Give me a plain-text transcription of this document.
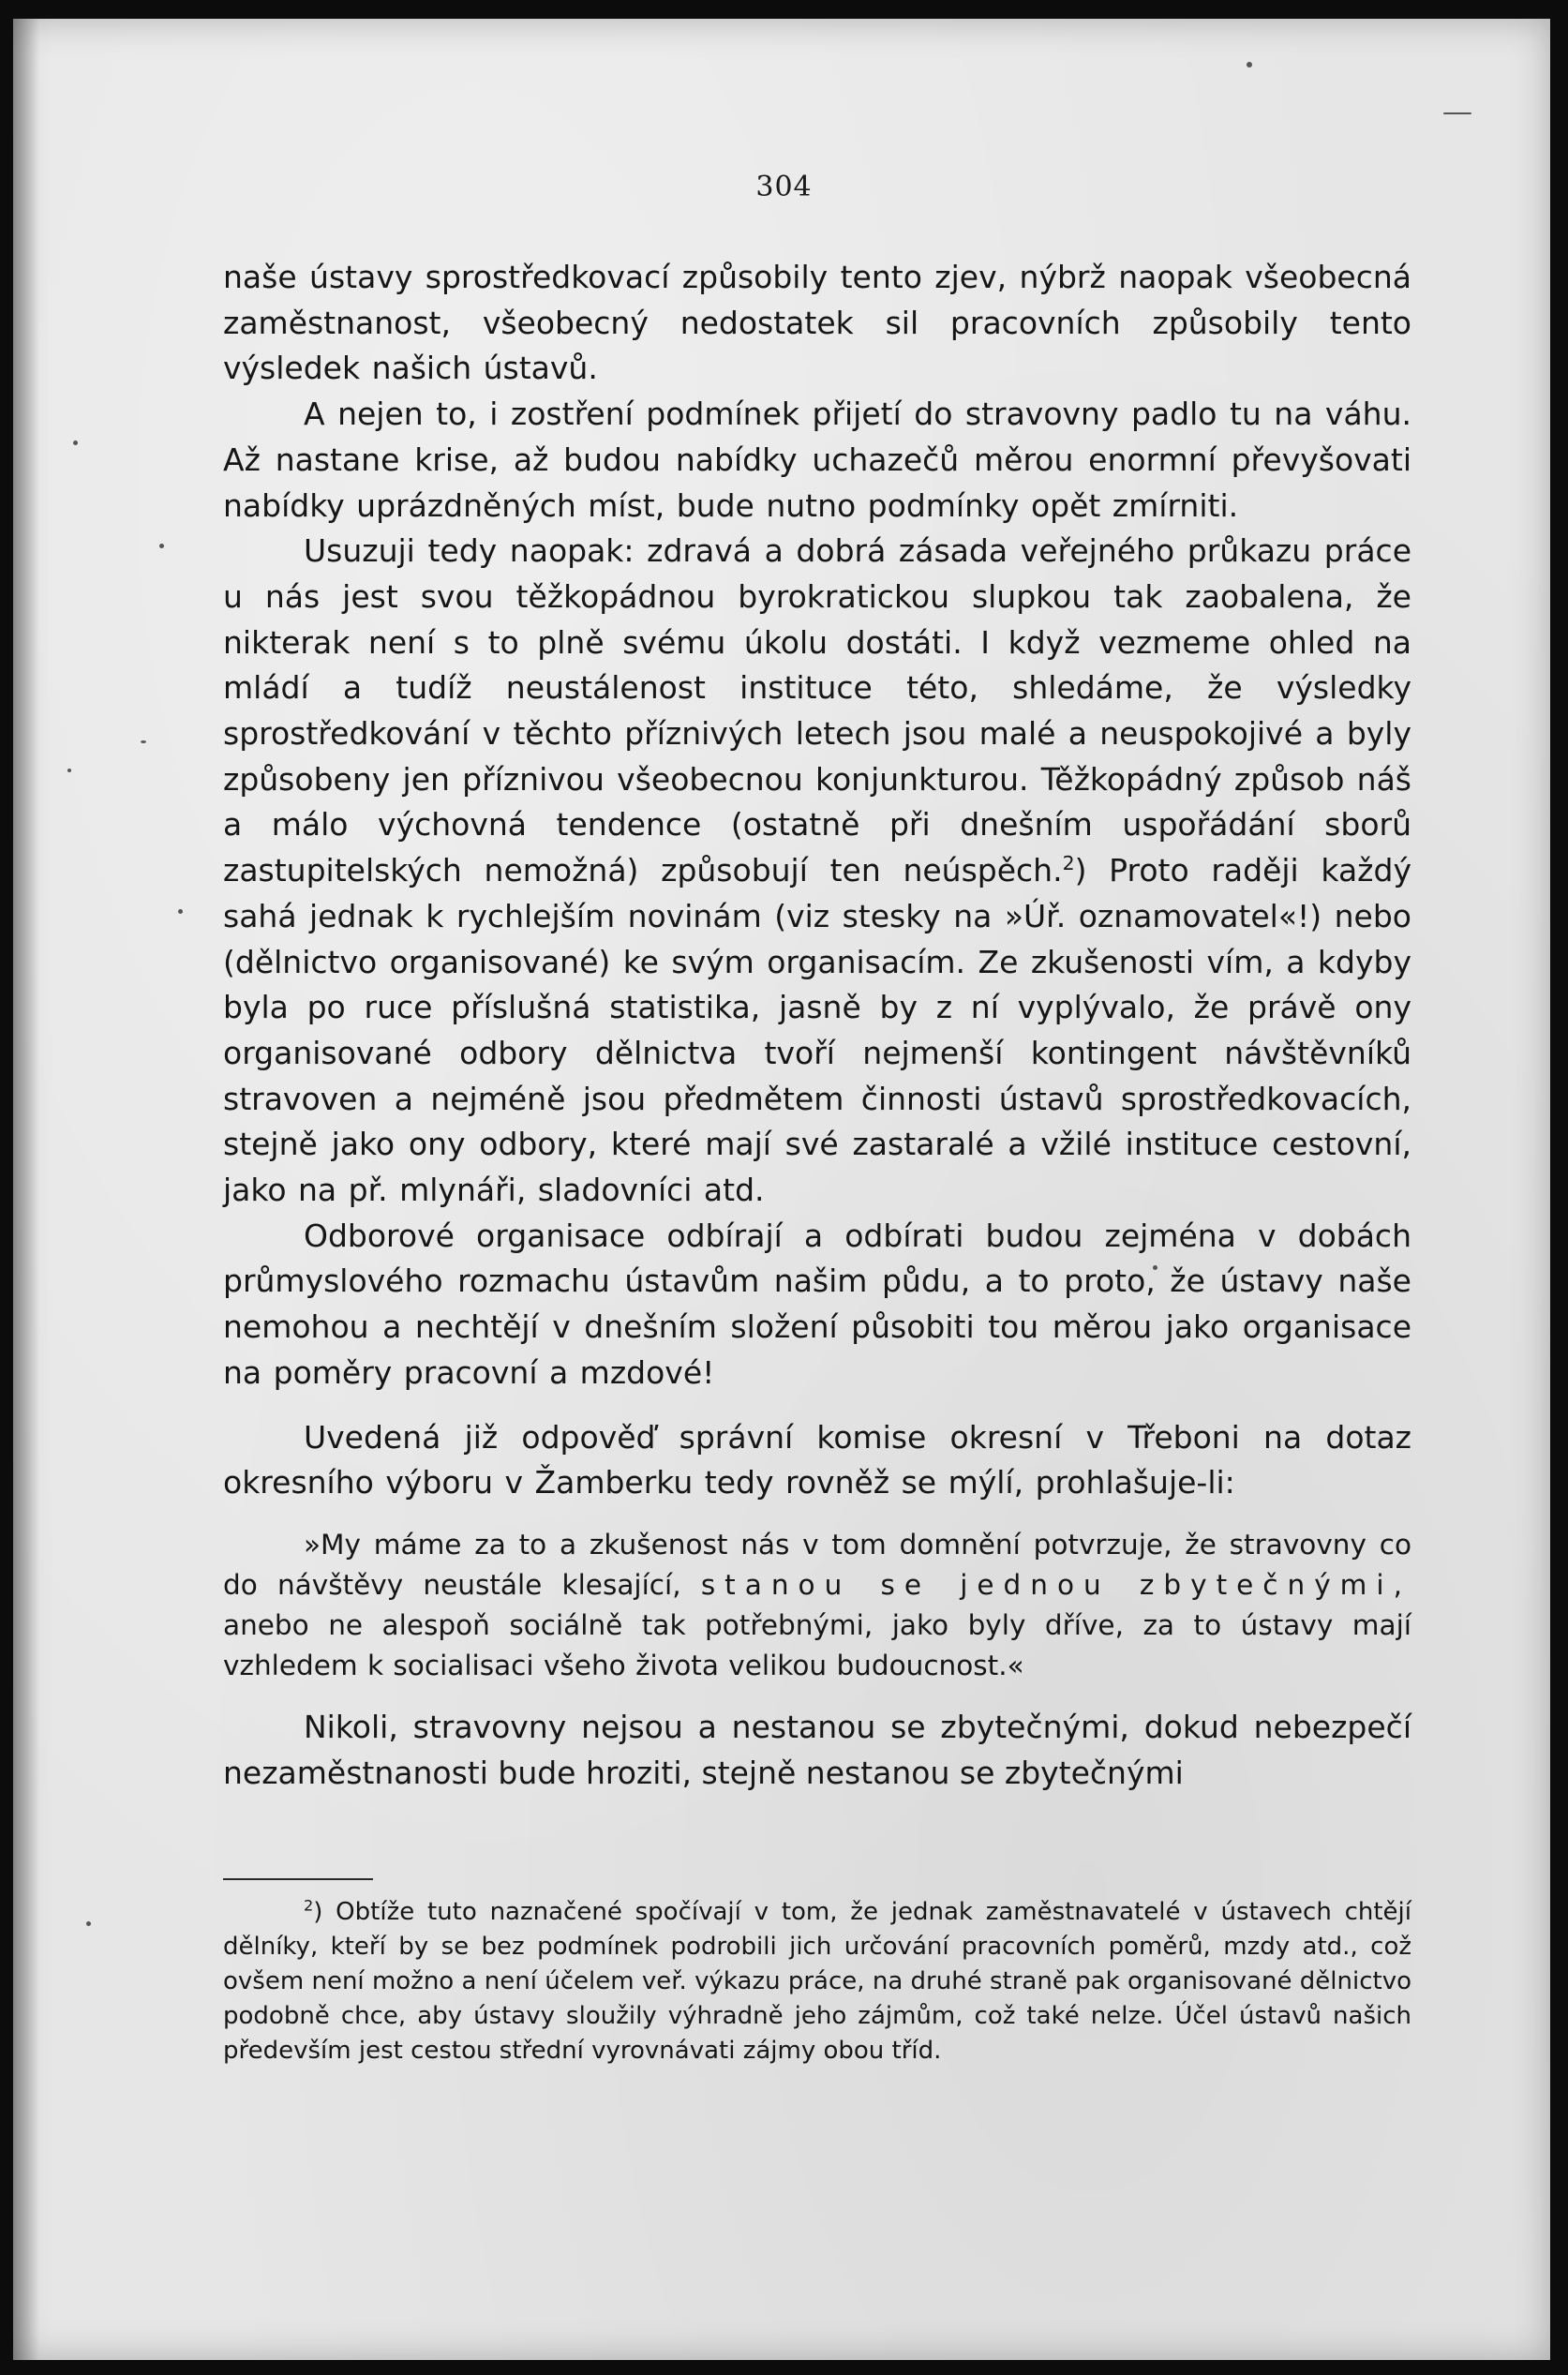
304

naše ústavy sprostředkovací způsobily tento zjev, nýbrž naopak všeobecná zaměstnanost, všeobecný nedostatek sil pracovních způsobily tento výsledek našich ústavů.

A nejen to, i zostření podmínek přijetí do stravovny padlo tu na váhu. Až nastane krise, až budou nabídky uchazečů měrou enormní převyšovati nabídky uprázdněných míst, bude nutno podmínky opět zmírniti.

Usuzuji tedy naopak: zdravá a dobrá zásada veřejného průkazu práce u nás jest svou těžkopádnou byrokratickou slupkou tak zaobalena, že nikterak není s to plně svému úkolu dostáti. I když vezmeme ohled na mládí a tudíž neustálenost instituce této, shledáme, že výsledky sprostředkování v těchto příznivých letech jsou malé a neuspokojivé a byly způsobeny jen příznivou všeobecnou konjunkturou. Těžkopádný způsob náš a málo výchovná tendence (ostatně při dnešním uspořádání sborů zastupitelských nemožná) způsobují ten neúspěch.$^2$) Proto raději každý sahá jednak k rychlejším novinám (viz stesky na »Úř. oznamovatel«!) nebo (dělnictvo organisované) ke svým organisacím. Ze zkušenosti vím, a kdyby byla po ruce příslušná statistika, jasně by z ní vyplývalo, že právě ony organisované odbory dělnictva tvoří nejmenší kontingent návštěvníků stravoven a nejméně jsou předmětem činnosti ústavů sprostředkovacích, stejně jako ony odbory, které mají své zastaralé a vžilé instituce cestovní, jako na př. mlynáři, sladovníci atd.

Odborové organisace odbírají a odbírati budou zejména v dobách průmyslového rozmachu ústavům našim půdu, a to proto, že ústavy naše nemohou a nechtějí v dnešním složení působiti tou měrou jako organisace na poměry pracovní a mzdové!

Uvedená již odpověď správní komise okresní v Třeboni na dotaz okresního výboru v Žamberku tedy rovněž se mýlí, prohlašuje-li:

»My máme za to a zkušenost nás v tom domnění potvrzuje, že stravovny co do návštěvy neustále klesající, stanou se jednou zbytečnými, anebo ne alespoň sociálně tak potřebnými, jako byly dříve, za to ústavy mají vzhledem k socialisaci všeho života velikou budoucnost.«

Nikoli, stravovny nejsou a nestanou se zbytečnými, dokud nebezpečí nezaměstnanosti bude hroziti, stejně nestanou se zbytečnými

$^2$) Obtíže tuto naznačené spočívají v tom, že jednak zaměstnavatelé v ústavech chtějí dělníky, kteří by se bez podmínek podrobili jich určování pracovních poměrů, mzdy atd., což ovšem není možno a není účelem veř. výkazu práce, na druhé straně pak organisované dělnictvo podobně chce, aby ústavy sloužily výhradně jeho zájmům, což také nelze. Účel ústavů našich především jest cestou střední vyrovnávati zájmy obou tříd.
